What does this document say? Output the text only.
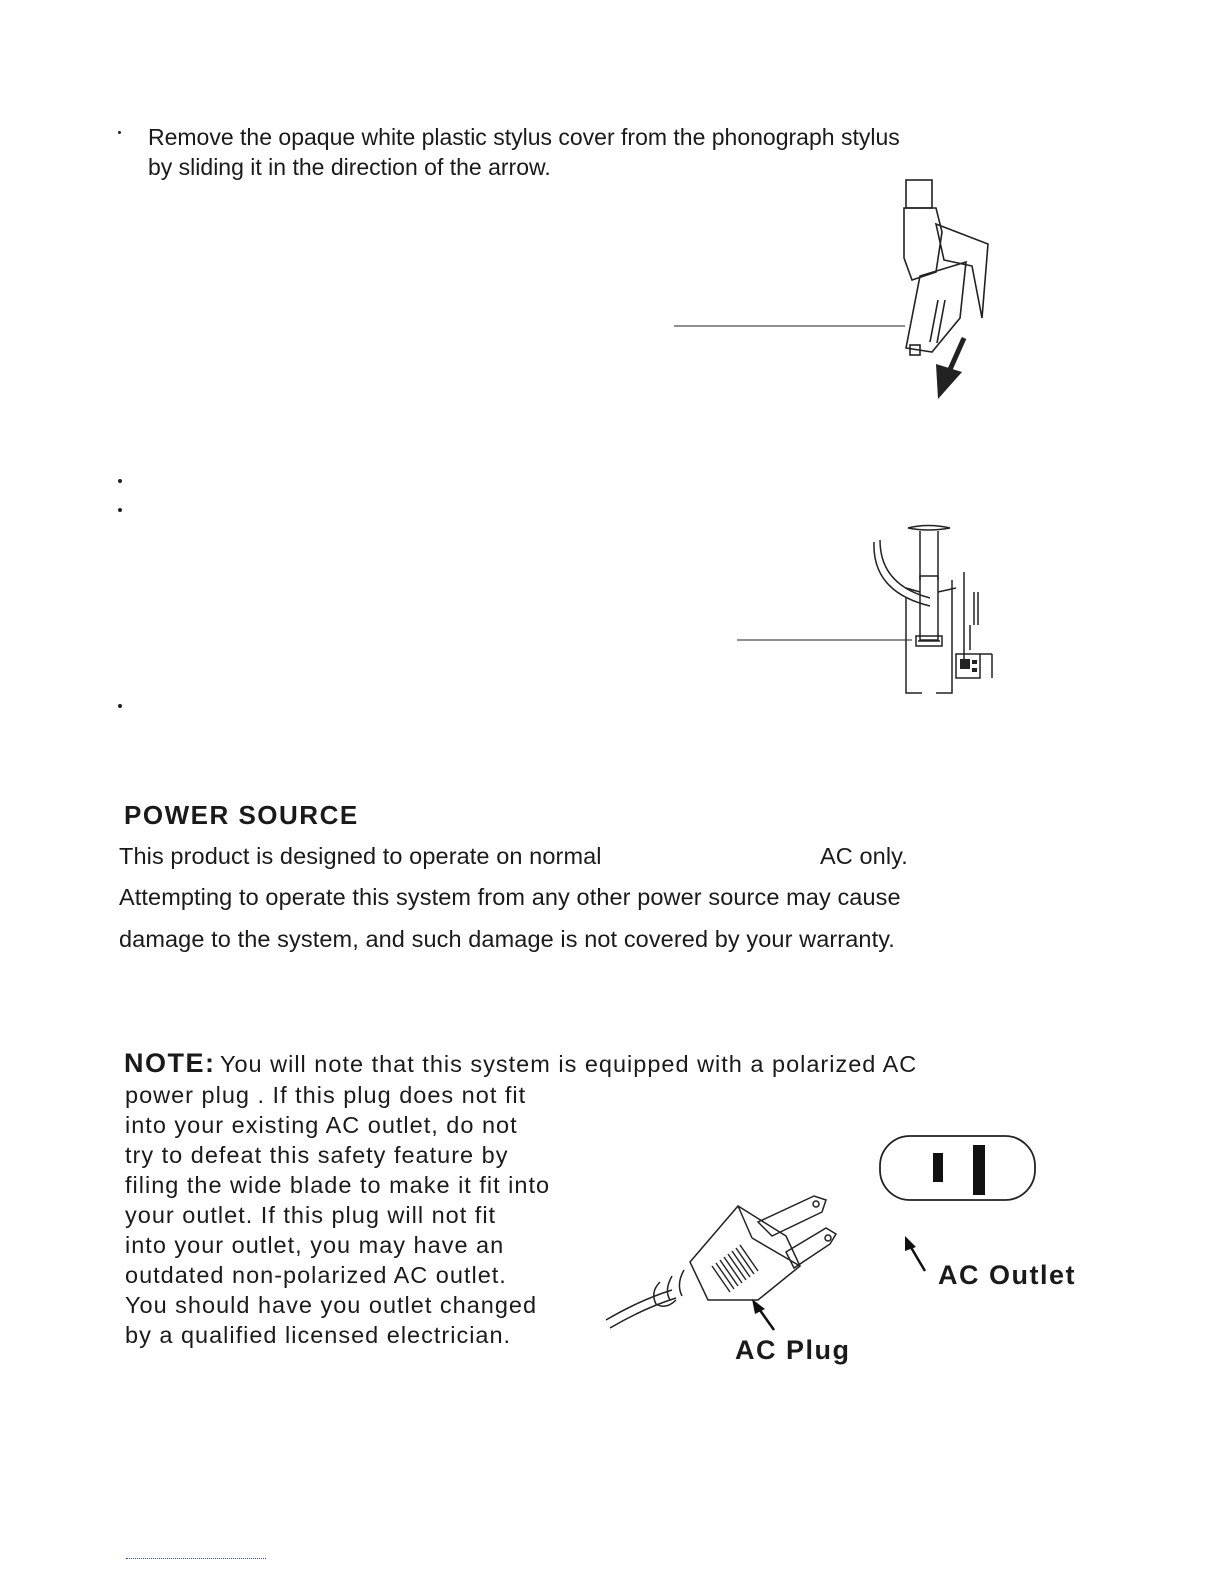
Remove the opaque white plastic stylus cover from the phonograph stylus
by sliding it in the direction of the arrow.
POWER SOURCE
This product is designed to operate on normal	AC only.
Attempting to operate this system from any other power source may cause
damage to the system, and such damage is not covered by your warranty.
NOTE: You will note that this system is equipped with a polarized AC
power plug . If this plug does not fit
into your existing AC outlet, do not
try to defeat this safety feature by
filing the wide blade to make it fit into
your outlet. If this plug will not fit
into your outlet, you may have an
outdated non-polarized AC outlet.
You should have you outlet changed
by a qualified licensed electrician.
AC Outlet
AC Plug
